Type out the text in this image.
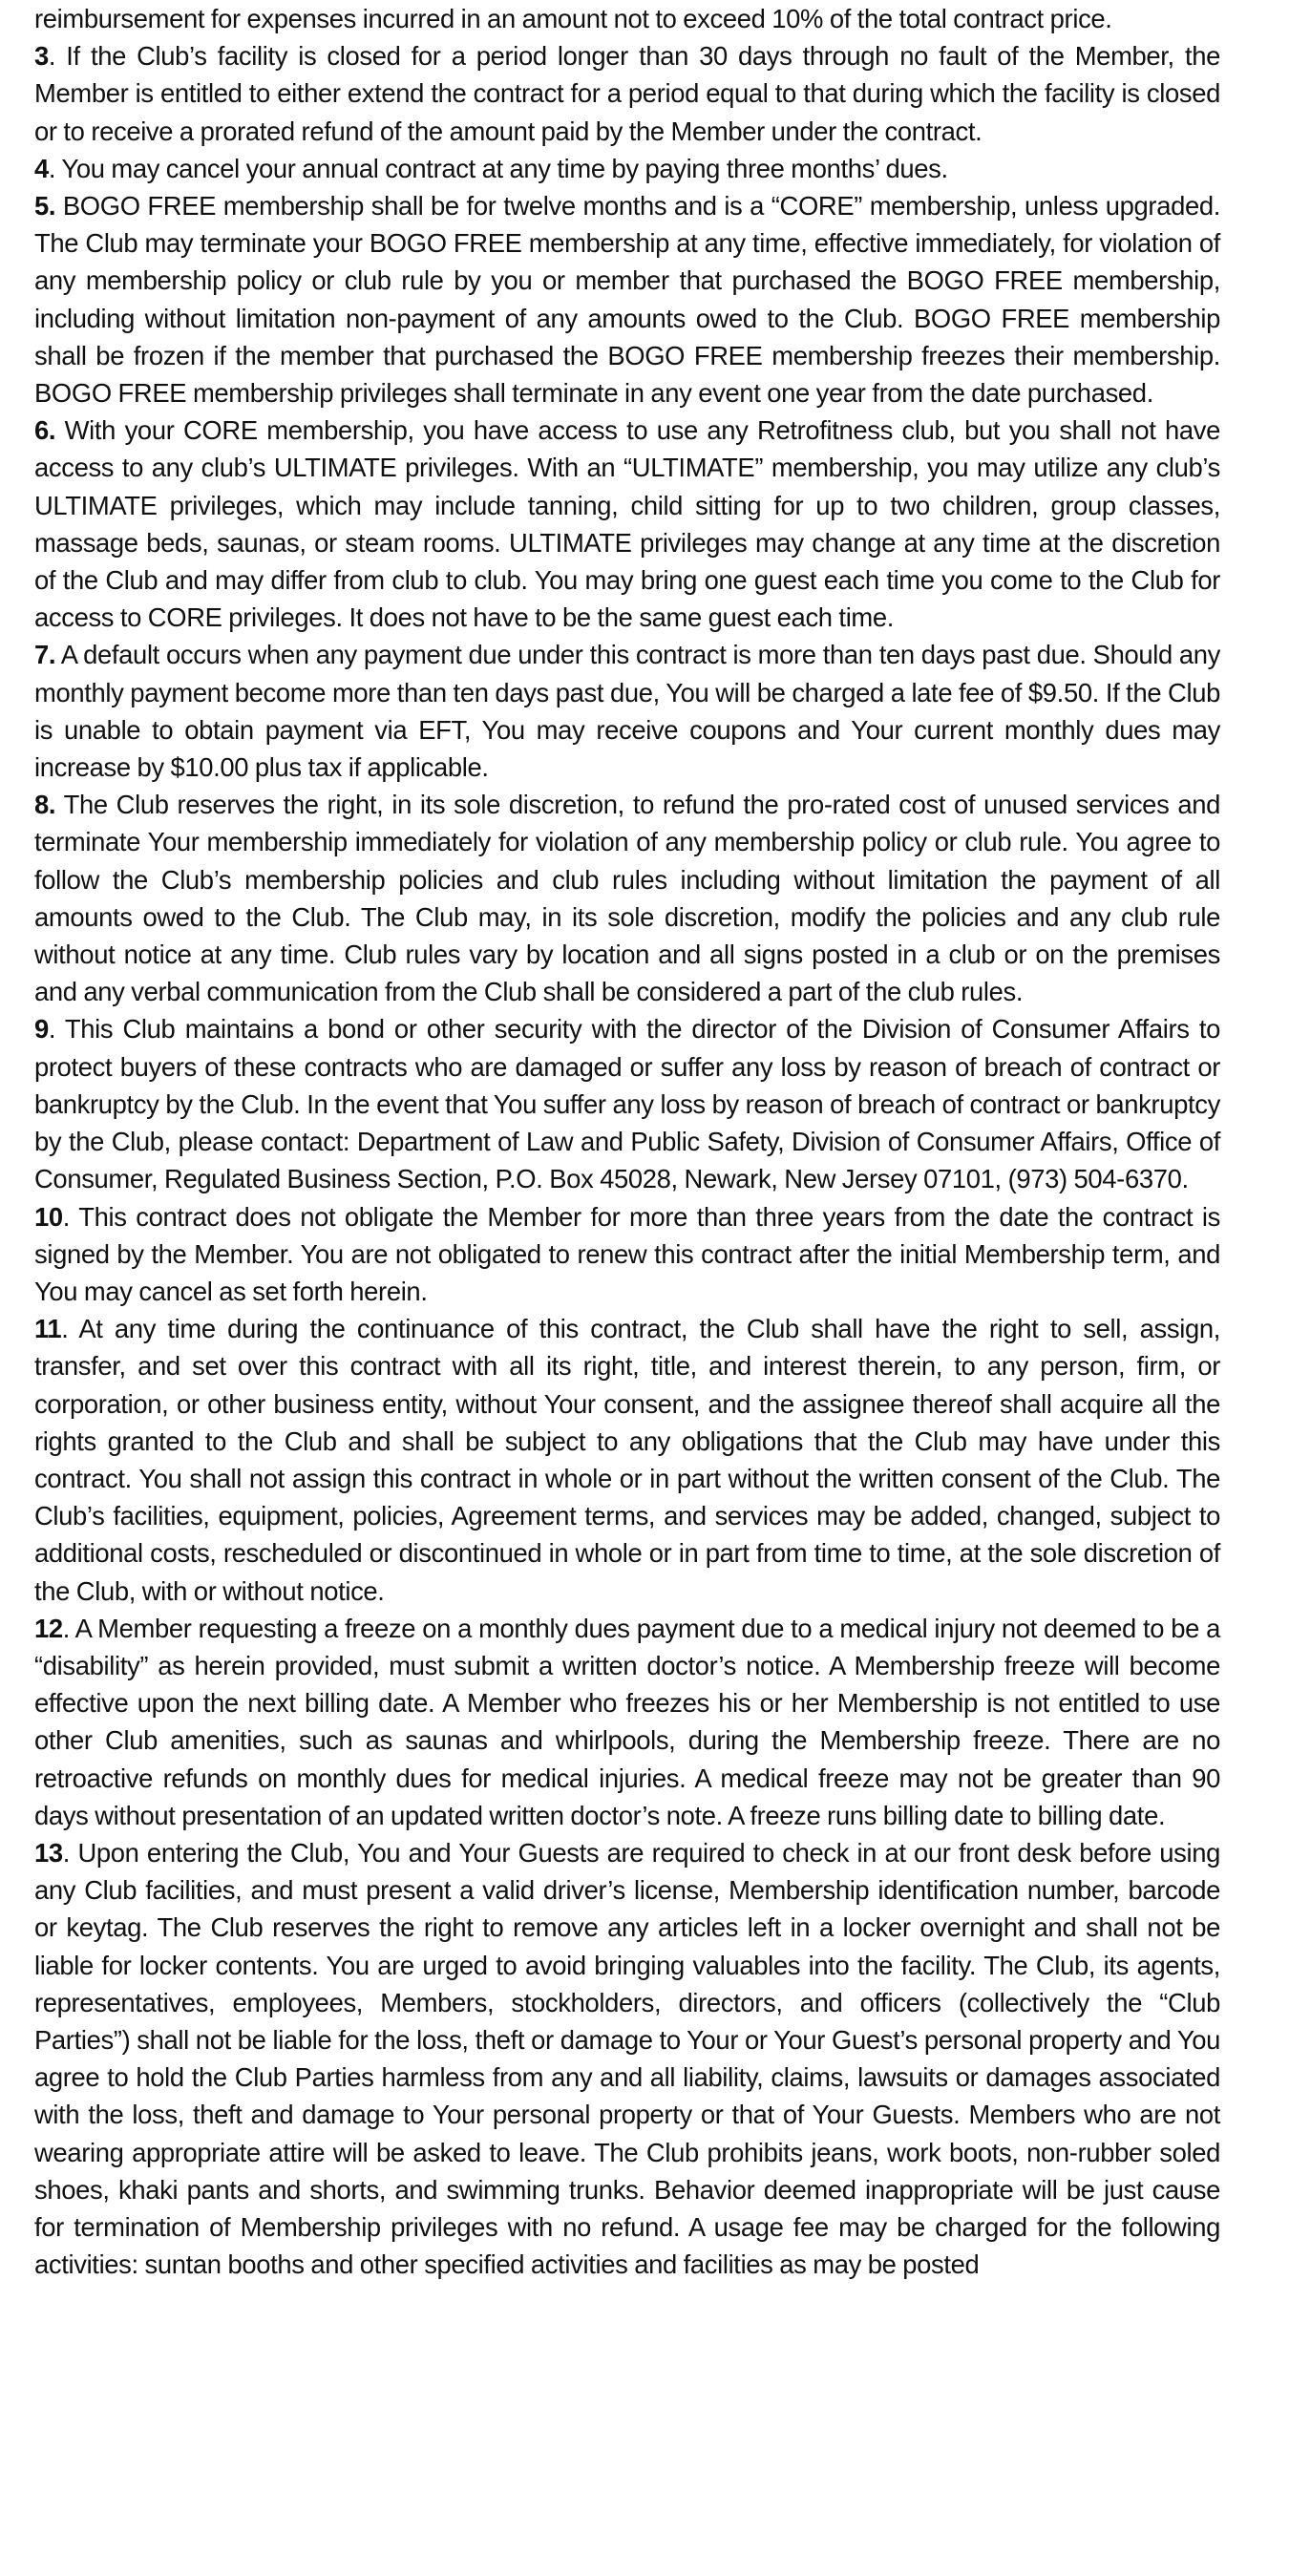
reimbursement for expenses incurred in an amount not to exceed 10% of the total contract price.

3. If the Club’s facility is closed for a period longer than 30 days through no fault of the Member, the Member is entitled to either extend the contract for a period equal to that during which the facility is closed or to receive a prorated refund of the amount paid by the Member under the contract.

4. You may cancel your annual contract at any time by paying three months’ dues.

5. BOGO FREE membership shall be for twelve months and is a “CORE” membership, unless upgraded. The Club may terminate your BOGO FREE membership at any time, effective immediately, for violation of any membership policy or club rule by you or member that purchased the BOGO FREE membership, including without limitation non-payment of any amounts owed to the Club. BOGO FREE membership shall be frozen if the member that purchased the BOGO FREE membership freezes their membership. BOGO FREE membership privileges shall terminate in any event one year from the date purchased.

6. With your CORE membership, you have access to use any Retrofitness club, but you shall not have access to any club’s ULTIMATE privileges. With an “ULTIMATE” membership, you may utilize any club’s ULTIMATE privileges, which may include tanning, child sitting for up to two children, group classes, massage beds, saunas, or steam rooms. ULTIMATE privileges may change at any time at the discretion of the Club and may differ from club to club. You may bring one guest each time you come to the Club for access to CORE privileges. It does not have to be the same guest each time.

7. A default occurs when any payment due under this contract is more than ten days past due. Should any monthly payment become more than ten days past due, You will be charged a late fee of $9.50. If the Club is unable to obtain payment via EFT, You may receive coupons and Your current monthly dues may increase by $10.00 plus tax if applicable.

8. The Club reserves the right, in its sole discretion, to refund the pro-rated cost of unused services and terminate Your membership immediately for violation of any membership policy or club rule. You agree to follow the Club’s membership policies and club rules including without limitation the payment of all amounts owed to the Club. The Club may, in its sole discretion, modify the policies and any club rule without notice at any time. Club rules vary by location and all signs posted in a club or on the premises and any verbal communication from the Club shall be considered a part of the club rules.

9. This Club maintains a bond or other security with the director of the Division of Consumer Affairs to protect buyers of these contracts who are damaged or suffer any loss by reason of breach of contract or bankruptcy by the Club. In the event that You suffer any loss by reason of breach of contract or bankruptcy by the Club, please contact: Department of Law and Public Safety, Division of Consumer Affairs, Office of Consumer, Regulated Business Section, P.O. Box 45028, Newark, New Jersey 07101, (973) 504-6370.

10. This contract does not obligate the Member for more than three years from the date the contract is signed by the Member. You are not obligated to renew this contract after the initial Membership term, and You may cancel as set forth herein.

11. At any time during the continuance of this contract, the Club shall have the right to sell, assign, transfer, and set over this contract with all its right, title, and interest therein, to any person, firm, or corporation, or other business entity, without Your consent, and the assignee thereof shall acquire all the rights granted to the Club and shall be subject to any obligations that the Club may have under this contract. You shall not assign this contract in whole or in part without the written consent of the Club. The Club’s facilities, equipment, policies, Agreement terms, and services may be added, changed, subject to additional costs, rescheduled or discontinued in whole or in part from time to time, at the sole discretion of the Club, with or without notice.

12. A Member requesting a freeze on a monthly dues payment due to a medical injury not deemed to be a “disability” as herein provided, must submit a written doctor’s notice. A Membership freeze will become effective upon the next billing date. A Member who freezes his or her Membership is not entitled to use other Club amenities, such as saunas and whirlpools, during the Membership freeze. There are no retroactive refunds on monthly dues for medical injuries. A medical freeze may not be greater than 90 days without presentation of an updated written doctor’s note. A freeze runs billing date to billing date.

13. Upon entering the Club, You and Your Guests are required to check in at our front desk before using any Club facilities, and must present a valid driver’s license, Membership identification number, barcode or keytag. The Club reserves the right to remove any articles left in a locker overnight and shall not be liable for locker contents. You are urged to avoid bringing valuables into the facility. The Club, its agents, representatives, employees, Members, stockholders, directors, and officers (collectively the “Club Parties”) shall not be liable for the loss, theft or damage to Your or Your Guest’s personal property and You agree to hold the Club Parties harmless from any and all liability, claims, lawsuits or damages associated with the loss, theft and damage to Your personal property or that of Your Guests. Members who are not wearing appropriate attire will be asked to leave. The Club prohibits jeans, work boots, non-rubber soled shoes, khaki pants and shorts, and swimming trunks. Behavior deemed inappropriate will be just cause for termination of Membership privileges with no refund. A usage fee may be charged for the following activities: suntan booths and other specified activities and facilities as may be posted
